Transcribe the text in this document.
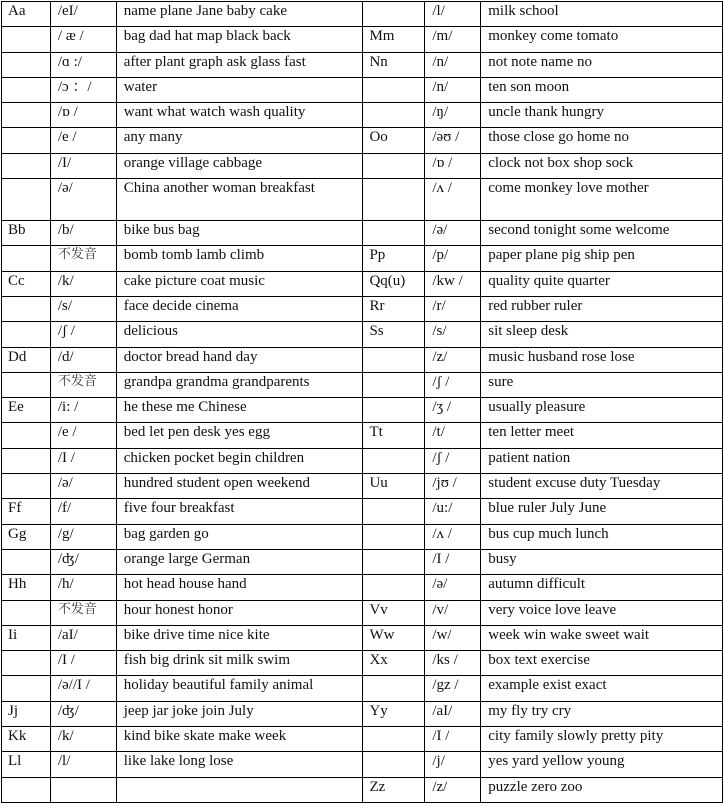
Aa	/eI/	name plane Jane baby cake		/l/	milk school
	/ æ /	bag dad hat map black back	Mm	/m/	monkey come tomato
	/ɑ :/	after plant graph ask glass fast	Nn	/n/	not note name no
	/ɔ ：/	water		/n/	ten son moon
	/ɒ /	want what watch wash quality		/ŋ/	uncle thank hungry
	/e /	any many	Oo	/əʊ /	those close go home no
	/I/	orange village cabbage		/ɒ /	clock not box shop sock
	/ə/	China another woman breakfast		/ʌ /	come monkey love mother
Bb	/b/	bike bus bag		/ə/	second tonight some welcome
	不发音	bomb tomb lamb climb	Pp	/p/	paper plane pig ship pen
Cc	/k/	cake picture coat music	Qq(u)	/kw /	quality quite quarter
	/s/	face decide cinema	Rr	/r/	red rubber ruler
	/ʃ /	delicious	Ss	/s/	sit sleep desk
Dd	/d/	doctor bread hand day		/z/	music husband rose lose
	不发音	grandpa grandma grandparents		/ʃ /	sure
Ee	/i: /	he these me Chinese		/ʒ /	usually pleasure
	/e /	bed let pen desk yes egg	Tt	/t/	ten letter meet
	/I /	chicken pocket begin children		/ʃ /	patient nation
	/ə/	hundred student open weekend	Uu	/jʊ /	student excuse duty Tuesday
Ff	/f/	five four breakfast		/u:/	blue ruler July June
Gg	/g/	bag garden go		/ʌ /	bus cup much lunch
	/ʤ/	orange large German		/I /	busy
Hh	/h/	hot head house hand		/ə/	autumn difficult
	不发音	hour honest honor	Vv	/v/	very voice love leave
Ii	/aI/	bike drive time nice kite	Ww	/w/	week win wake sweet wait
	/I /	fish big drink sit milk swim	Xx	/ks /	box text exercise
	/ə//I /	holiday beautiful family animal		/gz /	example exist exact
Jj	/ʤ/	jeep jar joke join July	Yy	/aI/	my fly try cry
Kk	/k/	kind bike skate make week		/I /	city family slowly pretty pity
Ll	/l/	like lake long lose		/j/	yes yard yellow young
			Zz	/z/	puzzle zero zoo
